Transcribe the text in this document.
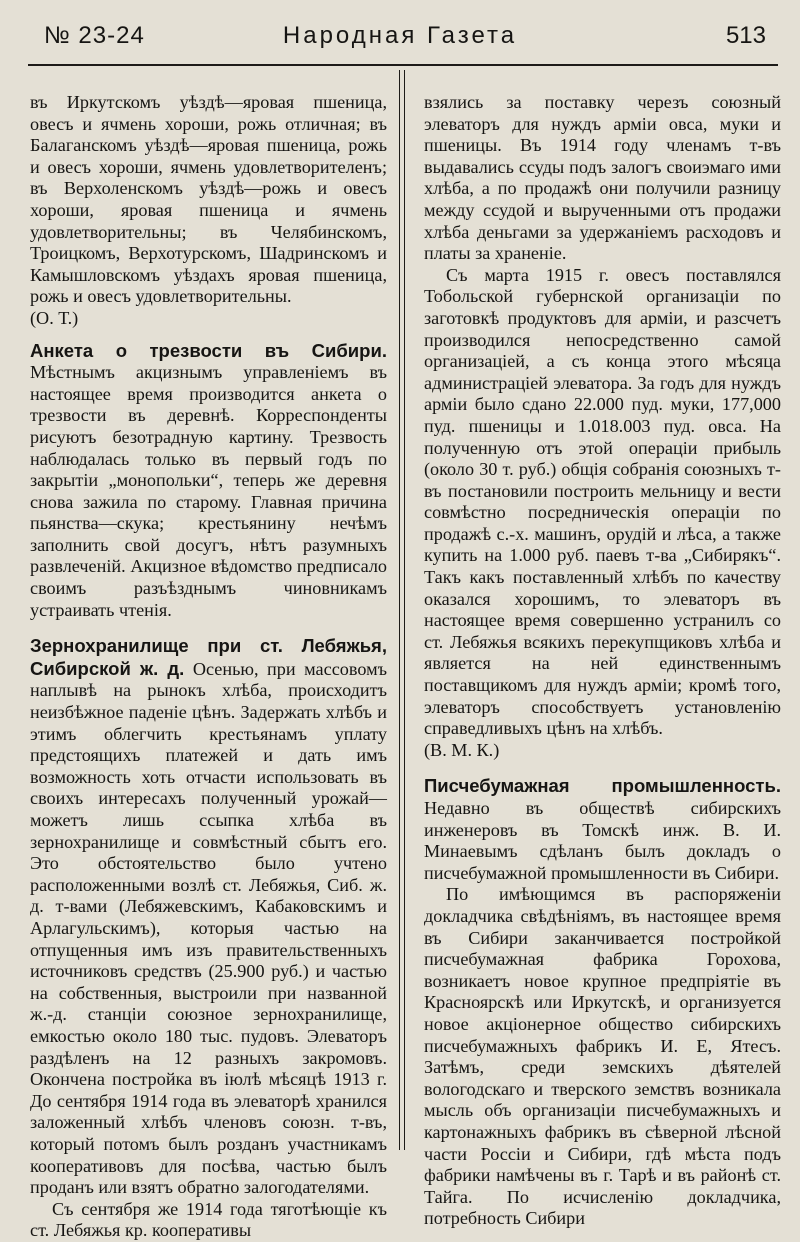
№ 23-24	Народная Газета	513

въ Иркутскомъ уѣздѣ—яровая пшеница, овесъ и ячмень хороши, рожь отличная; въ Балаганскомъ уѣздѣ—яровая пшеница, рожь и овесъ хороши, ячмень удовлетворителенъ; въ Верхоленскомъ уѣздѣ—рожь и овесъ хороши, яровая пшеница и ячмень удовлетворительны; въ Челябинскомъ, Троицкомъ, Верхотурскомъ, Шадринскомъ и Камышловскомъ уѣздахъ яровая пшеница, рожь и овесъ удовлетворительны.

(О. Т.)

Анкета о трезвости въ Сибири. Мѣстнымъ акцизнымъ управленіемъ въ настоящее время производится анкета о трезвости въ деревнѣ. Корреспонденты рисуютъ безотрадную картину. Трезвость наблюдалась только въ первый годъ по закрытіи „монопольки“, теперь же деревня снова зажила по старому. Главная причина пьянства—скука; крестьянину нечѣмъ заполнить свой досугъ, нѣтъ разумныхъ развлеченій. Акцизное вѣдомство предписало своимъ разъѣзднымъ чиновникамъ устраивать чтенія.

Зернохранилище при ст. Лебяжья, Сибирской ж. д. Осенью, при массовомъ наплывѣ на рынокъ хлѣба, происходитъ неизбѣжное паденіе цѣнъ. Задержать хлѣбъ и этимъ облегчить крестьянамъ уплату предстоящихъ платежей и дать имъ возможность хоть отчасти использовать въ своихъ интересахъ полученный урожай—можетъ лишь ссыпка хлѣба въ зернохранилище и совмѣстный сбытъ его. Это обстоятельство было учтено расположенными возлѣ ст. Лебяжья, Сиб. ж. д. т-вами (Лебяжевскимъ, Кабаковскимъ и Арлагульскимъ), которыя частью на отпущенныя имъ изъ правительственныхъ источниковъ средствъ (25.900 руб.) и частью на собственныя, выстроили при названной ж.-д. станціи союзное зернохранилище, емкостью около 180 тыс. пудовъ. Элеваторъ раздѣленъ на 12 разныхъ закромовъ. Окончена постройка въ іюлѣ мѣсяцѣ 1913 г. До сентября 1914 года въ элеваторѣ хранился заложенный хлѣбъ членовъ союзн. т-въ, который потомъ былъ розданъ участникамъ кооперативовъ для посѣва, частью былъ проданъ или взятъ обратно залогодателями.

Съ сентября же 1914 года тяготѣющіе къ ст. Лебяжья кр. кооперативы

взялись за поставку черезъ союзный элеваторъ для нуждъ арміи овса, муки и пшеницы. Въ 1914 году членамъ т-въ выдавались ссуды подъ залогъ своиэмаго ими хлѣба, а по продажѣ они получили разницу между ссудой и вырученными отъ продажи хлѣба деньгами за удержаніемъ расходовъ и платы за храненіе.

Съ марта 1915 г. овесъ поставлялся Тобольской губернской организаціи по заготовкѣ продуктовъ для арміи, и разсчетъ производился непосредственно самой организаціей, а съ конца этого мѣсяца администраціей элеватора. За годъ для нуждъ арміи было сдано 22.000 пуд. муки, 177,000 пуд. пшеницы и 1.018.003 пуд. овса. На полученную отъ этой операціи прибыль (около 30 т. руб.) общія собранія союзныхъ т-въ постановили построить мельницу и вести совмѣстно посредническія операціи по продажѣ с.-х. машинъ, орудій и лѣса, а также купить на 1.000 руб. паевъ т-ва „Сибирякъ“. Такъ какъ поставленный хлѣбъ по качеству оказался хорошимъ, то элеваторъ въ настоящее время совершенно устранилъ со ст. Лебяжья всякихъ перекупщиковъ хлѣба и является на ней единственнымъ поставщикомъ для нуждъ арміи; кромѣ того, элеваторъ способствуетъ установленію справедливыхъ цѣнъ на хлѣбъ.

(В. М. К.)

Писчебумажная промышленность. Недавно въ обществѣ сибирскихъ инженеровъ въ Томскѣ инж. В. И. Минаевымъ сдѣланъ былъ докладъ о писчебумажной промышленности въ Сибири.

По имѣющимся въ распоряженіи докладчика свѣдѣніямъ, въ настоящее время въ Сибири заканчивается постройкой писчебумажная фабрика Горохова, возникаетъ новое крупное предпріятіе въ Красноярскѣ или Иркутскѣ, и организуется новое акціонерное общество сибирскихъ писчебумажныхъ фабрикъ И. Е, Ятесъ. Затѣмъ, среди земскихъ дѣятелей вологодскаго и тверского земствъ возникала мысль объ организаціи писчебумажныхъ и картонажныхъ фабрикъ въ сѣверной лѣсной части Россіи и Сибири, гдѣ мѣста подъ фабрики намѣчены въ г. Тарѣ и въ районѣ ст. Тайга. По исчисленію докладчика, потребность Сибири
